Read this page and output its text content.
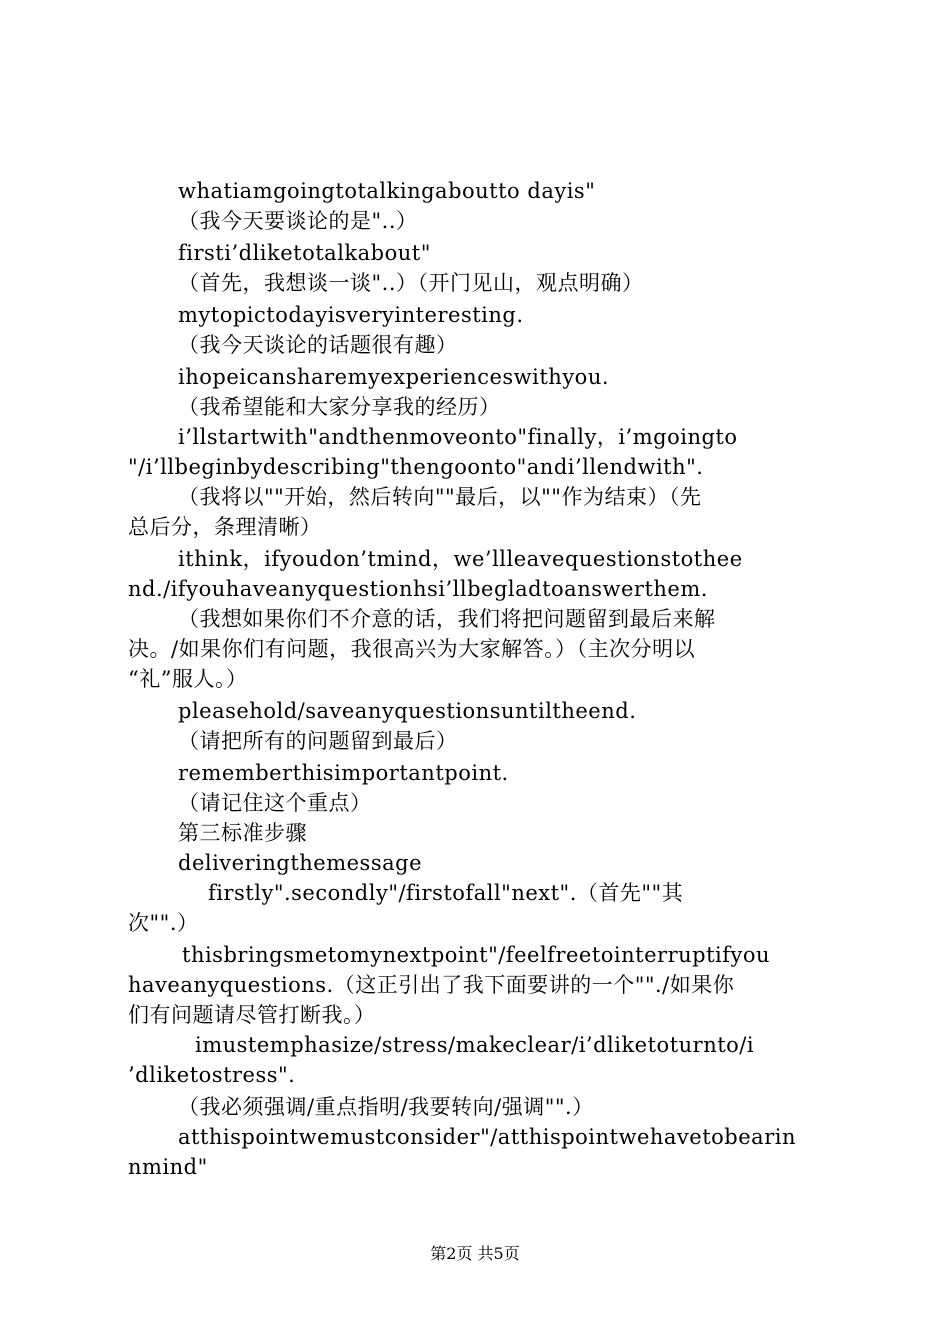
whatiamgoingtotalkingaboutto dayis"
（我今天要谈论的是"..）
firsti’dliketotalkabout"
（首先，我想谈一谈"..）（开门见山，观点明确）
mytopictodayisveryinteresting.
（我今天谈论的话题很有趣）
ihopeicansharemyexperienceswithyou.
（我希望能和大家分享我的经历）
i’llstartwith"andthenmoveonto"finally，i’mgoingto
"/i’llbeginbydescribing"thengoonto"andi’llendwith".
（我将以""开始，然后转向""最后，以""作为结束）（先
总后分，条理清晰）
ithink，ifyoudon’tmind，we’llleavequestionstothee
nd./ifyouhaveanyquestionhsi’llbegladtoanswerthem.
（我想如果你们不介意的话，我们将把问题留到最后来解
决。/如果你们有问题，我很高兴为大家解答。）（主次分明以
“礼”服人。）
pleasehold/saveanyquestionsuntiltheend.
（请把所有的问题留到最后）
rememberthisimportantpoint.
（请记住这个重点）
第三标准步骤
deliveringthemessage
firstly".secondly"/firstofall"next".（首先""其
次"".）
thisbringsmetomynextpoint"/feelfreetointerruptifyou
haveanyquestions.（这正引出了我下面要讲的一个""./如果你
们有问题请尽管打断我。）
imustemphasize/stress/makeclear/i’dliketoturnto/i
’dliketostress".
（我必须强调/重点指明/我要转向/强调"".）
atthispointwemustconsider"/atthispointwehavetobearin
nmind"
第2页 共5页
